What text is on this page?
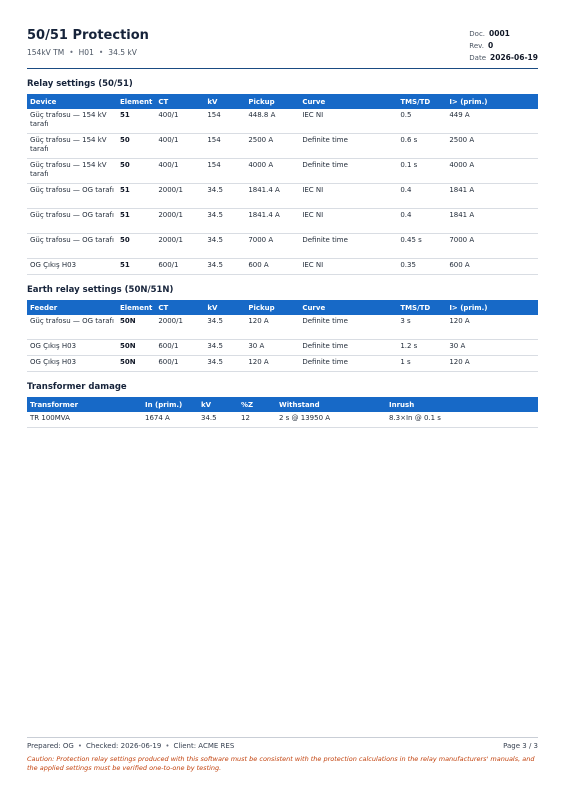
50/51 Protection
154kV TM • H01 • 34.5 kV
Doc. 0001
Rev. 0
Date 2026-06-19
Relay settings (50/51)
Device	Element	CT	kV	Pickup	Curve	TMS/TD	I> (prim.)
Güç trafosu — 154 kV tarafı	51	400/1	154	448.8 A	IEC NI	0.5	449 A
Güç trafosu — 154 kV tarafı	50	400/1	154	2500 A	Definite time	0.6 s	2500 A
Güç trafosu — 154 kV tarafı	50	400/1	154	4000 A	Definite time	0.1 s	4000 A
Güç trafosu — OG tarafı	51	2000/1	34.5	1841.4 A	IEC NI	0.4	1841 A
Güç trafosu — OG tarafı	51	2000/1	34.5	1841.4 A	IEC NI	0.4	1841 A
Güç trafosu — OG tarafı	50	2000/1	34.5	7000 A	Definite time	0.45 s	7000 A
OG Çıkış H03	51	600/1	34.5	600 A	IEC NI	0.35	600 A
Earth relay settings (50N/51N)
Feeder	Element	CT	kV	Pickup	Curve	TMS/TD	I> (prim.)
Güç trafosu — OG tarafı	50N	2000/1	34.5	120 A	Definite time	3 s	120 A
OG Çıkış H03	50N	600/1	34.5	30 A	Definite time	1.2 s	30 A
OG Çıkış H03	50N	600/1	34.5	120 A	Definite time	1 s	120 A
Transformer damage
Transformer	In (prim.)	kV	%Z	Withstand	Inrush
TR 100MVA	1674 A	34.5	12	2 s @ 13950 A	8.3×In @ 0.1 s
Prepared: OG • Checked: 2026-06-19 • Client: ACME RES	Page 3 / 3
Caution: Protection relay settings produced with this software must be consistent with the protection calculations in the relay manufacturers' manuals, and the applied settings must be verified one-to-one by testing.
